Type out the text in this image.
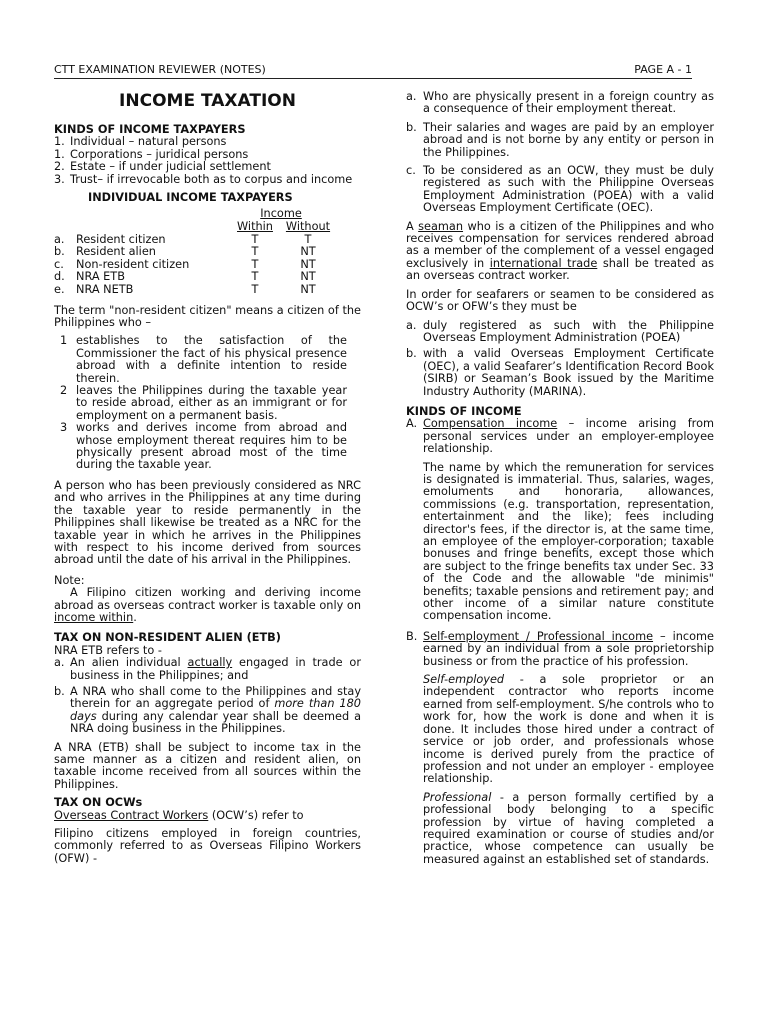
CTT EXAMINATION REVIEWER (NOTES)	PAGE A - 1
INCOME TAXATION

KINDS OF INCOME TAXPAYERS

1. Individual – natural persons
1. Corporations – juridical persons
2. Estate – if under judicial settlement
3. Trust– if irrevocable both as to corpus and income

INDIVIDUAL INCOME TAXPAYERS

	Income	
	Within	Without
a. Resident citizen	T	T
b. Resident alien	T	NT
c. Non-resident citizen	T	NT
d. NRA ETB	T	NT
e. NRA NETB	T	NT

The term "non-resident citizen" means a citizen of the Philippines who –

1 establishes to the satisfaction of the Commissioner the fact of his physical presence abroad with a definite intention to reside therein.
2 leaves the Philippines during the taxable year to reside abroad, either as an immigrant or for employment on a permanent basis.
3 works and derives income from abroad and whose employment thereat requires him to be physically present abroad most of the time during the taxable year.

A person who has been previously considered as NRC and who arrives in the Philippines at any time during the taxable year to reside permanently in the Philippines shall likewise be treated as a NRC for the taxable year in which he arrives in the Philippines with respect to his income derived from sources abroad until the date of his arrival in the Philippines.

Note:

A Filipino citizen working and deriving income abroad as overseas contract worker is taxable only on income within.

TAX ON NON-RESIDENT ALIEN (ETB)

NRA ETB refers to -

a. An alien individual actually engaged in trade or business in the Philippines; and
b. A NRA who shall come to the Philippines and stay therein for an aggregate period of more than 180 days during any calendar year shall be deemed a NRA doing business in the Philippines.

A NRA (ETB) shall be subject to income tax in the same manner as a citizen and resident alien, on taxable income received from all sources within the Philippines.

TAX ON OCWs

Overseas Contract Workers (OCW’s) refer to

Filipino citizens employed in foreign countries, commonly referred to as Overseas Filipino Workers (OFW) -

a. Who are physically present in a foreign country as a consequence of their employment thereat.
b. Their salaries and wages are paid by an employer abroad and is not borne by any entity or person in the Philippines.
c. To be considered as an OCW, they must be duly registered as such with the Philippine Overseas Employment Administration (POEA) with a valid Overseas Employment Certificate (OEC).

A seaman who is a citizen of the Philippines and who receives compensation for services rendered abroad as a member of the complement of a vessel engaged exclusively in international trade shall be treated as an overseas contract worker.

In order for seafarers or seamen to be considered as OCW’s or OFW’s they must be

a. duly registered as such with the Philippine Overseas Employment Administration (POEA)
b. with a valid Overseas Employment Certificate (OEC), a valid Seafarer’s Identification Record Book (SIRB) or Seaman’s Book issued by the Maritime Industry Authority (MARINA).

KINDS OF INCOME

A. Compensation income – income arising from personal services under an employer-employee relationship.

The name by which the remuneration for services is designated is immaterial. Thus, salaries, wages, emoluments and honoraria, allowances, commissions (e.g. transportation, representation, entertainment and the like); fees including director's fees, if the director is, at the same time, an employee of the employer-corporation; taxable bonuses and fringe benefits, except those which are subject to the fringe benefits tax under Sec. 33 of the Code and the allowable "de minimis" benefits; taxable pensions and retirement pay; and other income of a similar nature constitute compensation income.

B. Self-employment / Professional income – income earned by an individual from a sole proprietorship business or from the practice of his profession.

Self-employed - a sole proprietor or an independent contractor who reports income earned from self-employment. S/he controls who to work for, how the work is done and when it is done. It includes those hired under a contract of service or job order, and professionals whose income is derived purely from the practice of profession and not under an employer - employee relationship.

Professional - a person formally certified by a professional body belonging to a specific profession by virtue of having completed a required examination or course of studies and/or practice, whose competence can usually be measured against an established set of standards.
